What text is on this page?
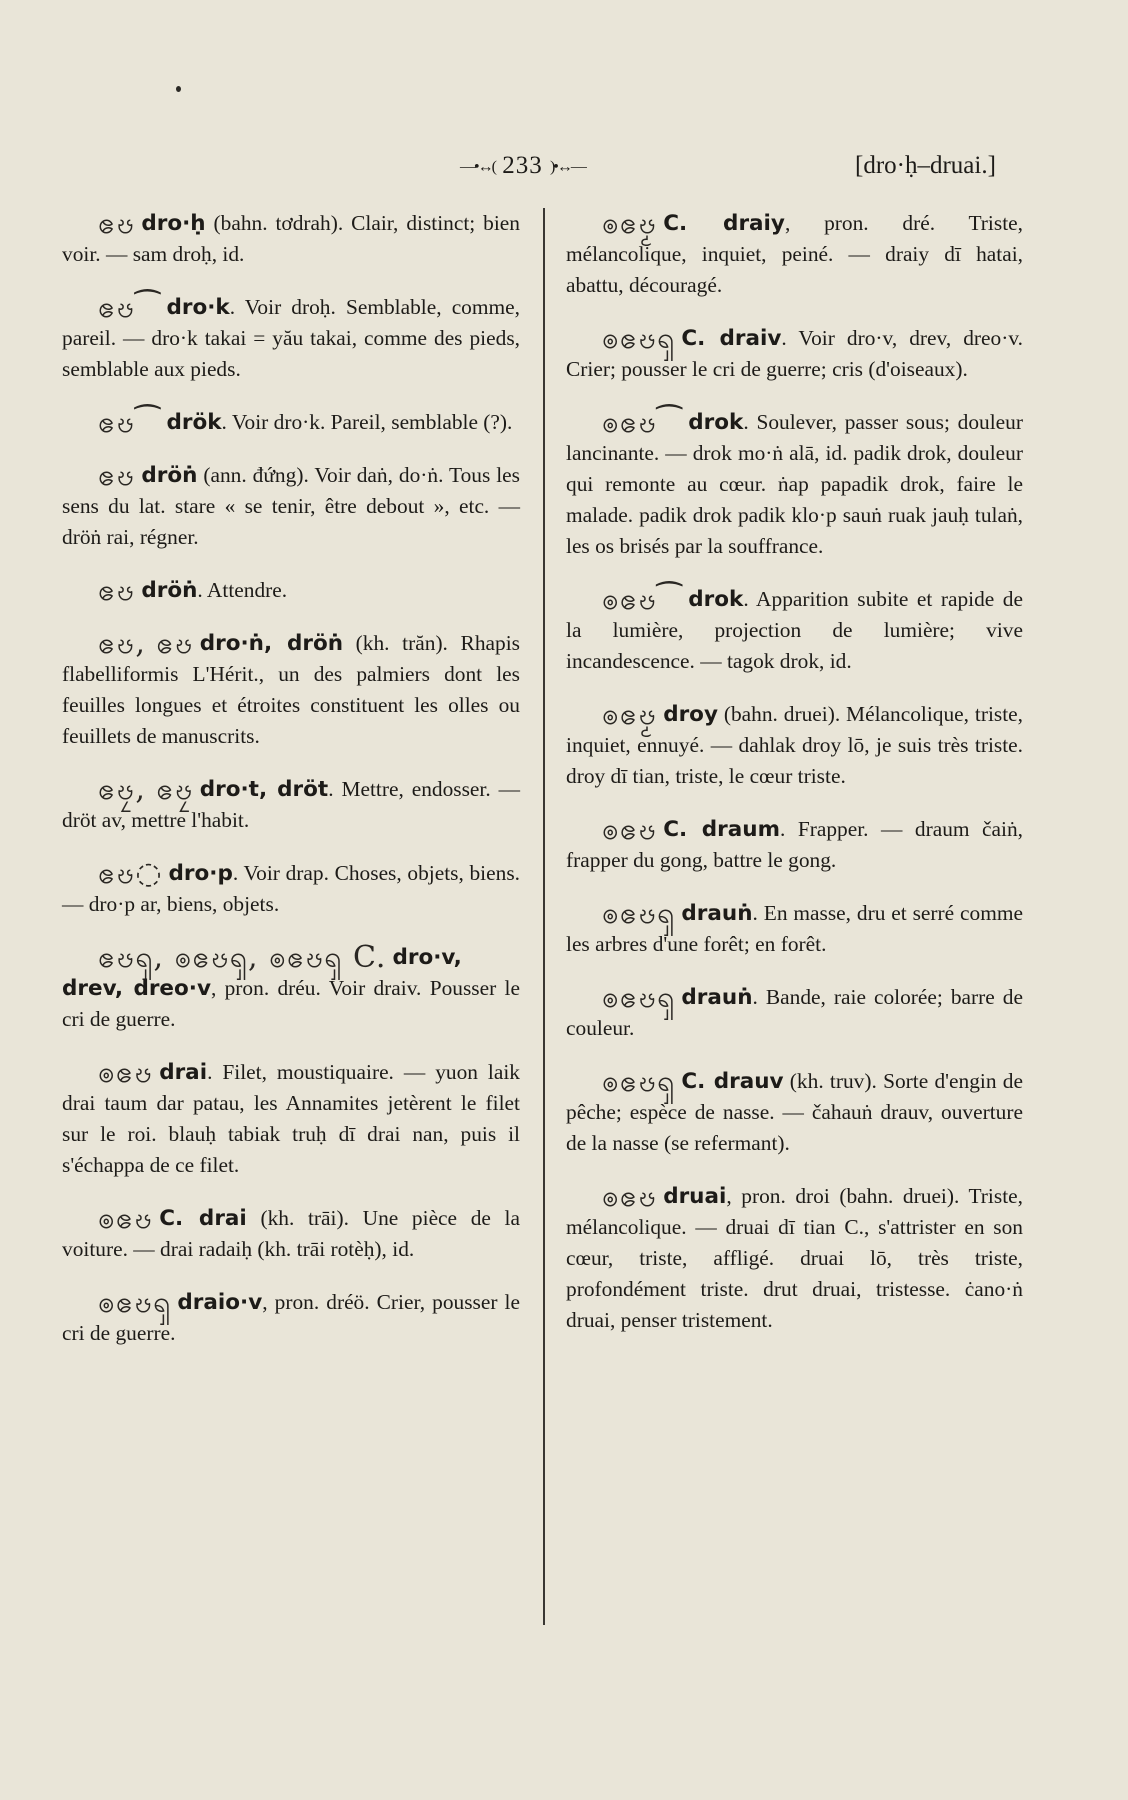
—•↔( 233 )•↔—	[dro·ḥ–druai.]

ဧၓ dro·ḥ (bahn. tơdrah). Clair, distinct; bien voir. — sam droḥ, id.

ဧၓ⁀ dro·k. Voir droḥ. Semblable, comme, pareil. — dro·k takai = yău takai, comme des pieds, semblable aux pieds.

ဧၓ⁀ drök. Voir dro·k. Pareil, semblable (?).

ဧၓ dröṅ (ann. đứng). Voir daṅ, do·ṅ. Tous les sens du lat. stare « se tenir, être debout », etc. — dröṅ rai, régner.

ဧၓ dröṅ. Attendre.

ဧၓ, ဧၓ dro·ṅ, dröṅ (kh. trăn). Rhapis flabelliformis L'Hérit., un des palmiers dont les feuilles longues et étroites constituent les olles ou feuillets de manuscrits.

ဧၓၠ, ဧၓၠ dro·t, dröt. Mettre, endosser. — dröt av, mettre l'habit.

ဧၓ◌ dro·p. Voir drap. Choses, objets, biens. — dro·p ar, biens, objets.

ဧၓၡ, ၜဧၓၡ, ၜဧၓၡ C. dro·v, drev, dreo·v, pron. dréu. Voir draiv. Pousser le cri de guerre.

ၜဧၓ drai. Filet, moustiquaire. — yuon laik drai taum dar patau, les Annamites jetèrent le filet sur le roi. blauḥ tabiak truḥ dī drai nan, puis il s'échappa de ce filet.

ၜဧၓ C. drai (kh. trāi). Une pièce de la voiture. — drai radaiḥ (kh. trāi rotèḥ), id.

ၜဧၓၡ draio·v, pron. dréö. Crier, pousser le cri de guerre.

ၜဧၓၟ C. draiy, pron. dré. Triste, mélancolique, inquiet, peiné. — draiy dī hatai, abattu, découragé.

ၜဧၓၡ C. draiv. Voir dro·v, drev, dreo·v. Crier; pousser le cri de guerre; cris (d'oiseaux).

ၜဧၓ⁀ drok. Soulever, passer sous; douleur lancinante. — drok mo·ṅ alā, id. padik drok, douleur qui remonte au cœur. ṅap papadik drok, faire le malade. padik drok padik klo·p sauṅ ruak jauḥ tulaṅ, les os brisés par la souffrance.

ၜဧၓ⁀ drok. Apparition subite et rapide de la lumière, projection de lumière; vive incandescence. — tagok drok, id.

ၜဧၓၟ droy (bahn. druei). Mélancolique, triste, inquiet, ennuyé. — dahlak droy lō, je suis très triste. droy dī tian, triste, le cœur triste.

ၜဧၓ C. draum. Frapper. — draum čaiṅ, frapper du gong, battre le gong.

ၜဧၓၡ drauṅ. En masse, dru et serré comme les arbres d'une forêt; en forêt.

ၜဧၓၡ drauṅ. Bande, raie colorée; barre de couleur.

ၜဧၓၡ C. drauv (kh. truv). Sorte d'engin de pêche; espèce de nasse. — čahauṅ drauv, ouverture de la nasse (se refermant).

ၜဧၓ druai, pron. droi (bahn. druei). Triste, mélancolique. — druai dī tian C., s'attrister en son cœur, triste, affligé. druai lō, très triste, profondément triste. drut druai, tristesse. ċano·ṅ druai, penser tristement.
